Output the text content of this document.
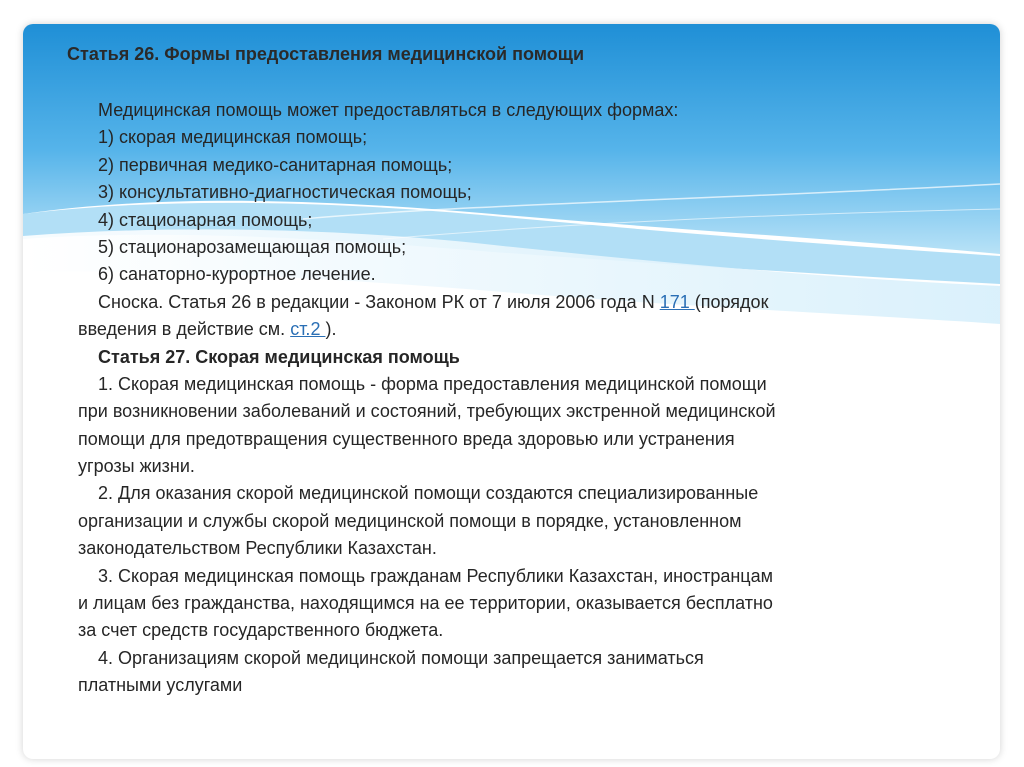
Статья 26. Формы предоставления медицинской помощи
Медицинская помощь может предоставляться в следующих формах:
1) скорая медицинская помощь;
2) первичная медико-санитарная помощь;
3) консультативно-диагностическая помощь;
4) стационарная помощь;
5) стационарозамещающая помощь;
6) санаторно-курортное лечение.
Сноска. Статья 26 в редакции - Законом РК от 7 июля 2006 года N 171 (порядок
введения в действие см. ст.2 ).
Статья 27. Скорая медицинская помощь
1. Скорая медицинская помощь - форма предоставления медицинской помощи
при возникновении заболеваний и состояний, требующих экстренной медицинской
помощи для предотвращения существенного вреда здоровью или устранения
угрозы жизни.
2. Для оказания скорой медицинской помощи создаются специализированные
организации и службы скорой медицинской помощи в порядке, установленном
законодательством Республики Казахстан.
3. Скорая медицинская помощь гражданам Республики Казахстан, иностранцам
и лицам без гражданства, находящимся на ее территории, оказывается бесплатно
за счет средств государственного бюджета.
4. Организациям скорой медицинской помощи запрещается заниматься
платными услугами
